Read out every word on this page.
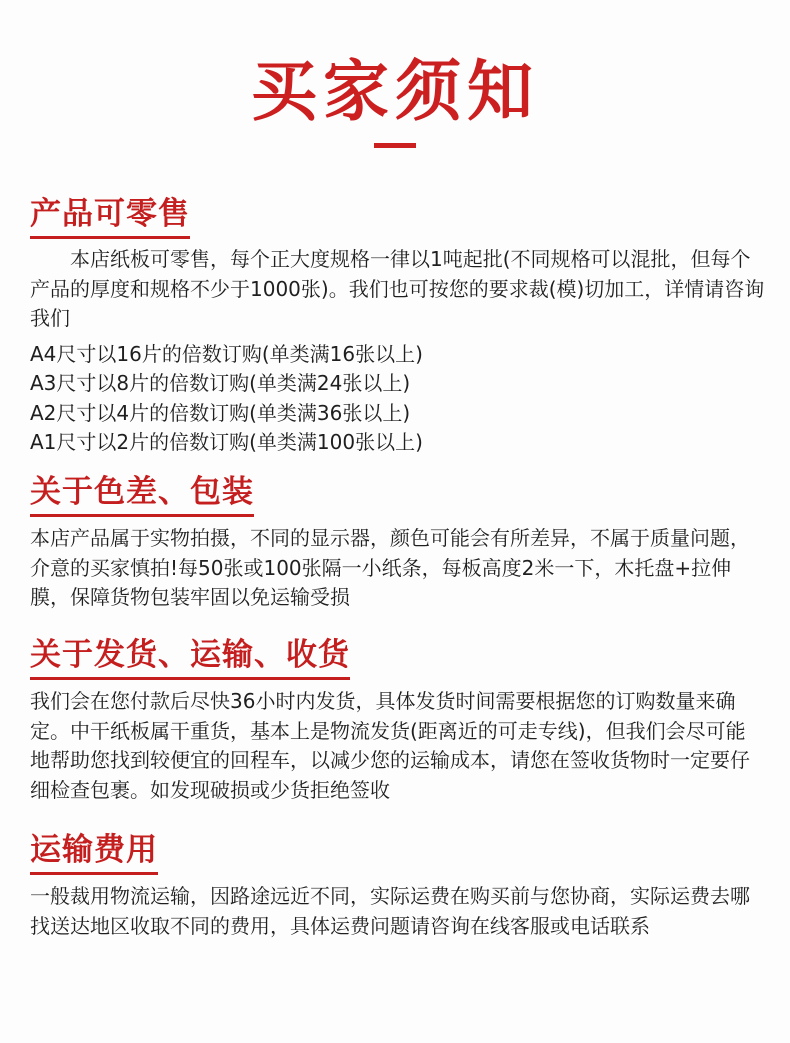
买家须知
产品可零售

本店纸板可零售，每个正大度规格一律以1吨起批(不同规格可以混批，但每个产品的厚度和规格不少于1000张)。我们也可按您的要求裁(模)切加工，详情请咨询我们

A4尺寸以16片的倍数订购(单类满16张以上)
A3尺寸以8片的倍数订购(单类满24张以上)
A2尺寸以4片的倍数订购(单类满36张以上)
A1尺寸以2片的倍数订购(单类满100张以上)
关于色差、包装

本店产品属于实物拍摄，不同的显示器，颜色可能会有所差异，不属于质量问题，介意的买家慎拍!每50张或100张隔一小纸条，每板高度2米一下，木托盘+拉伸膜，保障货物包装牢固以免运输受损

关于发货、运输、收货

我们会在您付款后尽快36小时内发货，具体发货时间需要根据您的订购数量来确定。中干纸板属干重货，基本上是物流发货(距离近的可走专线)，但我们会尽可能地帮助您找到较便宜的回程车，以减少您的运输成本，请您在签收货物时一定要仔细检查包裹。如发现破损或少货拒绝签收

运输费用

一般裁用物流运输，因路途远近不同，实际运费在购买前与您协商，实际运费去哪找送达地区收取不同的费用，具体运费问题请咨询在线客服或电话联系
